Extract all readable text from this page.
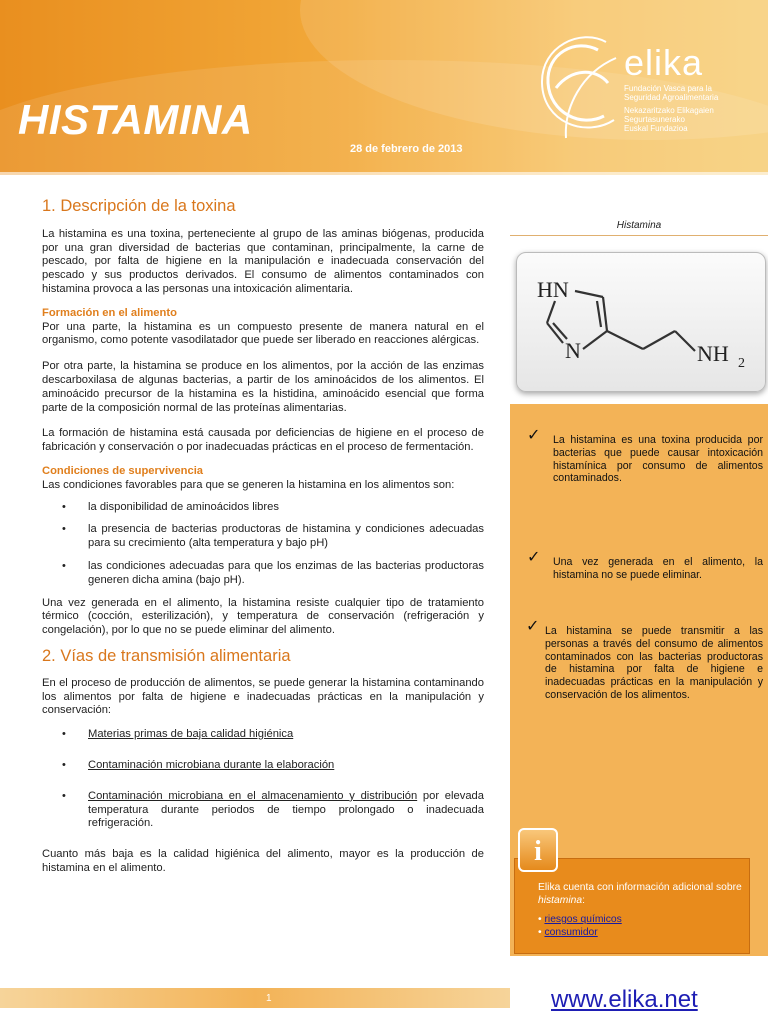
HISTAMINA
28 de febrero de 2013
elika
Fundación Vasca para la
Seguridad Agroalimentaria
Nekazaritzako Elikagaien
Segurtasunerako
Euskal Fundazioa
1. Descripción de la toxina
La histamina es una toxina, perteneciente al grupo de las aminas biógenas, producida por una gran diversidad de bacterias que contaminan, principalmente, la carne de pescado, por falta de higiene en la manipulación e inadecuada conservación del pescado y sus productos derivados. El consumo de alimentos contaminados con histamina provoca a las personas una intoxicación alimentaria.
Formación en el alimento
Por una parte, la histamina es un compuesto presente de manera natural en el organismo, como potente vasodilatador que puede ser liberado en reacciones alérgicas.
Por otra parte, la histamina se produce en los alimentos, por la acción de las enzimas descarboxilasa de algunas bacterias, a partir de los aminoácidos de los alimentos. El aminoácido precursor de la histamina es la histidina, aminoácido esencial que forma parte de la composición normal de las proteínas alimentarias.
La formación de histamina está causada por deficiencias de higiene en el proceso de fabricación y conservación o por inadecuadas prácticas en el proceso de fermentación.
Condiciones de supervivencia
Las condiciones favorables para que se generen la histamina en los alimentos son:
• la disponibilidad de aminoácidos libres
• la presencia de bacterias productoras de histamina y condiciones adecuadas para su crecimiento (alta temperatura y bajo pH)
• las condiciones adecuadas para que los enzimas de las bacterias productoras generen dicha amina (bajo pH).
Una vez generada en el alimento, la histamina resiste cualquier tipo de tratamiento térmico (cocción, esterilización), y temperatura de conservación (refrigeración y congelación), por lo que no se puede eliminar del alimento.
2. Vías de transmisión alimentaria
En el proceso de producción de alimentos, se puede generar la histamina contaminando los alimentos por falta de higiene e inadecuadas prácticas en la manipulación y conservación:
• Materias primas de baja calidad higiénica
• Contaminación microbiana durante la elaboración
• Contaminación microbiana en el almacenamiento y distribución por elevada temperatura durante periodos de tiempo prolongado o inadecuada refrigeración.
Cuanto más baja es la calidad higiénica del alimento, mayor es la producción de histamina en el alimento.
Histamina
HN
N	NH 2
✓	La histamina es una toxina producida por bacterias que puede causar intoxicación histamínica por consumo de alimentos contaminados.
✓	Una vez generada en el alimento, la histamina no se puede eliminar.
✓ La histamina se puede transmitir a las personas a través del consumo de alimentos contaminados con las bacterias productoras de histamina por falta de higiene e inadecuadas prácticas en la manipulación y conservación de los alimentos.
i
Elika cuenta con información adicional sobre histamina:
• riesgos químicos
• consumidor
www.elika.net
1
